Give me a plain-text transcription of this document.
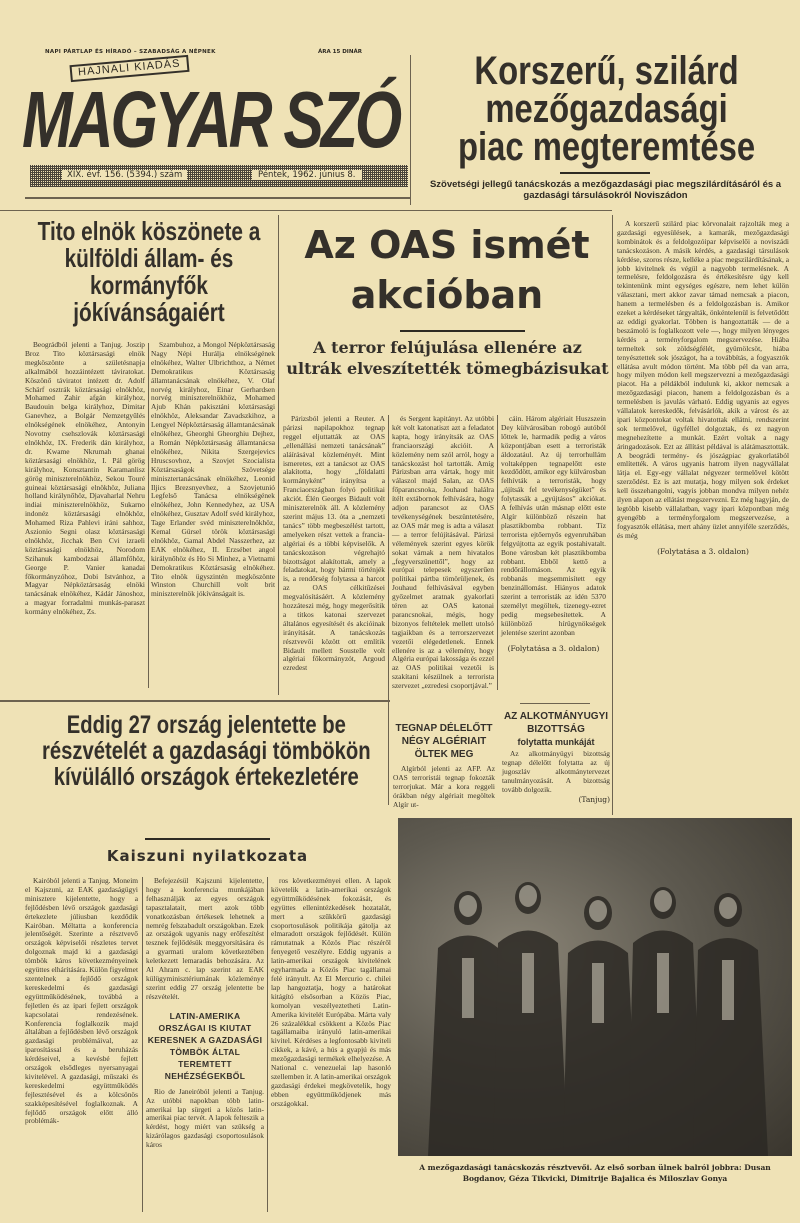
NAPI PÁRTLAP ÉS HÍRADÓ – SZABADSÁG A NÉPNEK	ÁRA 15 DINÁR
HAJNALI KIADÁS
MAGYAR SZÓ
XIX. évf. 156. (5394.) szám	Péntek, 1962. június 8.
Korszerű, szilárd
mezőgazdasági
piac megteremtése
Szövetségi jellegű tanácskozás a mezőgazdasági piac megszilárdításáról és a gazdasági társulásokról Noviszádon
Tito elnök köszönete a külföldi állam- és kormányfők jókívánságaiért

Beográdból jelenti a Tanjug. Joszip Broz Tito köztársasági elnök megköszönte a születésnapja alkalmából hozzáintézett táviratokat. Köszönő táviratot intézett dr. Adolf Schärf osztrák köztársasági elnökhöz, Mohamed Zahir afgán királyhoz, Baudouin belga királyhoz, Dimitar Ganevhez, a Bolgár Nemzetgyűlés elnökségének elnökéhez, Antonyin Novotny csehszlovák köztársasági elnökhöz, IX. Frederik dán királyhoz, dr. Kwame Nkrumah ghanai köztársasági elnökhöz, I. Pál görög királyhoz, Konsztantin Karamanlisz görög miniszterelnökhöz, Sekou Touré guineai köztársasági elnökhöz, Juliana holland királynőhöz, Djavaharlal Nehru indiai miniszterelnökhöz, Sukarno indonéz köztársasági elnökhöz, Mohamed Riza Pahlevi iráni sahhoz, Aszionio Segni olasz köztársasági elnökhöz, Jicchak Ben Cvi izraeli köztársasági elnökhöz, Norodom Szihanuk kambodzsai államfőhöz, George P. Vanier kanadai főkormányzóhoz, Dobi Istvánhoz, a Magyar Népköztársaság elnöki tanácsának elnökéhez, Kádár Jánoshoz, a magyar forradalmi munkás-paraszt kormány elnökéhez, Zs.

Szambuhoz, a Mongol Népköztársaság Nagy Népi Hurálja elnökségének elnökéhez, Walter Ulbrichthoz, a Német Demokratikus Köztársaság államtanácsának elnökéhez, V. Olaf norvég királyhoz, Einar Gerhardsen norvég miniszterelnökhöz, Mohamed Ajub Khán pakisztáni köztársasági elnökhöz, Aleksandar Zavadszkihoz, a Lengyel Népköztársaság államtanácsának elnökéhez, Gheorghi Gheorghiu Dejhez, a Román Népköztársaság államtanácsa elnökéhez, Nikita Szergejevics Hruscsovhoz, a Szovjet Szocialista Köztársaságok Szövetsége minisztertanácsának elnökéhez, Leonid Iljics Brezsnyevhez, a Szovjetunió Legfelső Tanácsa elnökségének elnökéhez, John Kennedyhez, az USA elnökéhez, Gusztav Adolf svéd királyhoz, Tage Erlander svéd miniszterelnökhöz, Kemal Gürsel török köztársasági elnökhöz, Gamal Abdel Nasszerhez, az EAK elnökéhez, II. Erzsébet angol királynőhöz és Ho Si Minhez, a Vietnami Demokratikus Köztársaság elnökéhez. Tito elnök ügyszintén megköszönte Winston Churchill volt brit miniszterelnök jókívánságait is.

Az OAS ismét
akcióban
A terror felújulása ellenére az ultrák elveszítették tömegbázisukat

Párizsból jelenti a Reuter. A párizsi napilapokhoz tegnap reggel eljuttatták az OAS „ellenállási nemzeti tanácsának” aláírásával közleményét. Mint ismeretes, ezt a tanácsot az OAS alakította, hogy „földalatti kormányként” irányítsa a Franciaországban folyó politikai akciót. Élén Georges Bidault volt miniszterelnök áll. A közlemény szerint május 13. óta a „nemzeti tanács” több megbeszélést tartott, amelyeken részt vettek a francia-algériai és a többi képviselők. A tanácskozáson végrehajtó bizottságot alakítottak, amely a feladatokat, hogy bármi történjék is, a rendőrség folytassa a harcot az OAS célkitűzései megvalósításáért. A közlemény hozzáteszi még, hogy megerősítik a titkos katonai szervezet általános egyesítését és akcióinak irányítását. A tanácskozás résztvevői között ott említik Bidault mellett Soustelle volt algériai főkormányzót, Argoud ezredest

és Sergent kapitányt. Az utóbbi két volt katonatiszt azt a feladatot kapta, hogy irányítsák az OAS franciaországi akcióit. A közlemény nem szól arról, hogy a tanácskozást hol tartották. Amíg Párizsban arra vártak, hogy mit válaszol majd Salan, az OAS főparancsnoka, Jouhaud halálra ítélt extábornok felhívására, hogy adjon parancsot az OAS tevékenységének beszüntetésére, az OAS már meg is adta a választ — a terror felújításával. Párizsi vélemények szerint egyes körök sokat várnak a nem hivatalos „fegyverszünettől”, hogy az európai telepesek egyszerűen politikai pártba tömörüljenek, és Jouhaud felhívásával egyben győzelmet aratnak gyakorlati téren az OAS katonai parancsnokai, mégis, hogy bizonyos feltételek mellett utolsó tagjaikban és a terrorszervezet vezetői elégedetlenek. Ennek ellenére is az a vélemény, hogy Algéria európai lakossága és ezzel az OAS politikai vezetői is szakítani készülnek a terrorista szervezet „ezredesi csoportjával.”

cáin. Három algériait Huszszein Dey külvárosában robogó autóból lőttek le, harmadik pedig a város központjában esett a terroristák áldozatául. Az új terrorhullám voltaképpen tegnapelőtt este kezdődött, amikor egy külvárosban felhívták a terroristák, hogy „újítsák fel tevékenységüket” és folytassák a „gyújtásos” akciókat. A felhívás után másnap előtt este Algír különböző részein hat plasztikbomba robbant. Tíz terrorista ejtőernyős egyenruhában felgyújtotta az egyik postahivatalt. Bone városban két plasztikbomba robbant. Ebből kettő a rendőrállomáson. Az egyik robbanás megsemmisített egy benzinállomást. Hiányos adatok szerint a terroristák az idén 5370 személyt megöltek, tizenegy-ezret pedig megsebesítettek. A különböző hírügynökségek jelentése szerint azonban

(Folytatása a 3. oldalon)

A korszerű szilárd piac körvonalait rajzolták meg a gazdasági egyesülések, a kamarák, mezőgazdasági kombinátok és a feldolgozóipar képviselői a noviszádi tanácskozáson. A másik kérdés, a gazdasági társulások kérdése, szoros része, kelléke a piac megszilárdításának, a jobb kivitelnek és végül a nagyobb termelésnek. A termelésre, feldolgozásra és értékesítésre úgy kell tekintenünk mint egységes egészre, nem lehet külön választani, mert akkor zavar támad nemcsak a piacon, hanem a termelésben és a feldolgozásban is. Amikor ezeket a kérdéseket tárgyalták, önkéntelenül is felvetődött az eddigi gyakorlat. Többen is hangoztatták — de a beszámoló is foglalkozott vele —, hogy milyen lényeges kérdés a terményforgalom megszervezése. Hiába termeltek sok zöldségfélét, gyümölcsöt, hiába tenyésztettek sok jószágot, ha a továbbítás, a fogyasztók ellátása avult módon történt. Ma több pél da van arra, hogy milyen módon kell megszervezni a mezőgazdasági piacot. Ha a példákból indulunk ki, akkor nemcsak a mezőgazdasági piacon, hanem a feldolgozásban és a termelésben is javulás várható. Eddig ugyanis az egyes vállalatok kereskedők, felvásárlók, akik a várost és az ipari központokat voltak hivatottak ellátni, rendszerint sok termelővel, ügyféllel dolgoztak, és ez nagyon megnehezítette a munkát. Ezért voltak a nagy áringadozások. Ezt az állítást példával is alátámasztották. A beográdi termény- és jószágpiac gyakorlatából említették. A város ugyanis hatrom ilyen nagyvállalat látja el. Egy-egy vállalat négyezer termelővel kötött szerződést. Ez is azt mutatja, hogy milyen sok érdeket kell összehangolni, vagyis jobban mondva milyen nehéz ilyen alapon az ellátást megszervezni. Ez még hagyján, de legtöbb kisebb vállalatban, vagy ipari központban még gyengébb a terményforgalom megszervezése, a fogyasztók ellátása, mert ahány üzlet annyiféle szerződés, és még

(Folytatása a 3. oldalon)
Eddig 27 ország jelentette be részvételét a gazdasági tömbökön kívülálló országok értekezletére
Kaiszuni nyilatkozata

Kairóból jelenti a Tanjug. Moneim el Kajszuni, az EAK gazdaságügyi minisztere kijelentette, hogy a fejlődésben lévő országok gazdasági értekezlete júliusban kezdődik Kairóban. Méltatta a konferencia jelentőségét. Szerinte a résztvevő országok képviselői részletes tervet dolgoznak majd ki a gazdasági tömbök káros következményeinek együttes elhárítására. Külön figyelmet szentelnek a fejlődő országok kereskedelmi és gazdasági együttműködésének, továbbá a fejletlen és az ipari fejlett országok kapcsolatai rendezésének. Konferencia foglalkozik majd általában a fejlődésben lévő országok gazdasági problémáival, az iparosítással és a beruházás kérdéseivel, a kevésbé fejlett országok elsődleges nyersanyagai kivitelével. A gazdasági, műszaki és kereskedelmi együttműködés fejlesztésével és a kölcsönös szakképesítésével foglalkoznak. A fejlődő országok előtt álló problémák-

Befejezésül Kajszuni kijelentette, hogy a konferencia munkájában felhasználják az egyes országok tapasztalatait, mert azok több vonatkozásban értékesek lehetnek a nemrég felszabadult országokban. Ezek az országok ugyanis nagy erőfeszítést tesznek fejlődésük meggyorsítására és a gyarmati uralom következtében keletkezett lemaradás behozására. Az Al Ahram c. lap szerint az EAK külügyminisztériumának közleménye szerint eddig 27 ország jelentette be részvételét.

LATIN-AMERIKA ORSZÁGAI IS KIUTAT KERESNEK A GAZDASÁGI TÖMBÖK ÁLTAL TEREMTETT NEHÉZSÉGEKBŐL

Rio de Janeiróból jelenti a Tanjug. Az utóbbi napokban több latin-amerikai lap sürgeti a közös latin-amerikai piac tervét. A lapok felteszik a kérdést, hogy miért van szükség a kizárólagos gazdasági csoportosulások káros

ros következményei ellen. A lapok követelik a latin-amerikai országok együttműködésének fokozását, és együttes ellenintézkedések hozatalát, mert a szűkkörű gazdasági csoportosulások politikája gátolja az elmaradott országok fejlődését. Külön rámutatnak a Közös Piac részéről fenyegető veszélyre. Eddig ugyanis a latin-amerikai országok kivitelének egyharmada a Közös Piac tagállamai felé irányult. Az El Mercurio c. chilei lap hangoztatja, hogy a határokat kitágító elsősorban a Közös Piac, komolyan veszélyeztetheti Latin-Amerika kivitelét Európába. Márta valy 26 százalékkal csökkent a Közös Piac tagállamaiba irányuló latin-amerikai kivitel. Kérdéses a legfontosabb kiviteli cikkek, a kávé, a hús a gyapjú és más mezőgazdasági termékek elhelyezése. A National c. venezuelai lap hasonló szellemben ír. A latin-amerikai országok gazdasági érdekei megkövetelik, hogy ebben együttműködjenek más országokkal.

TEGNAP DÉLELŐTT NÉGY ALGÉRIAIT ÖLTEK MEG

Algírból jelenti az AFP. Az OAS terroristái tegnap fokozták terrorjukat. Már a kora reggeli órákban négy algériait megöltek Algír ut-

AZ ALKOTMÁNYUGYI BIZOTTSÁG
folytatta munkáját

Az alkotmányügyi bizottság tegnap délelőtt folytatta az új jugoszláv alkotmánytervezet tanulmányozását. A bizottság tovább dolgozik.

(Tanjug)
A mezőgazdasági tanácskozás résztvevői. Az első sorban ülnek balról jobbra: Dusan Bogdanov, Géza Tikvicki, Dimitrije Bajalica és Miloszlav Gonya
